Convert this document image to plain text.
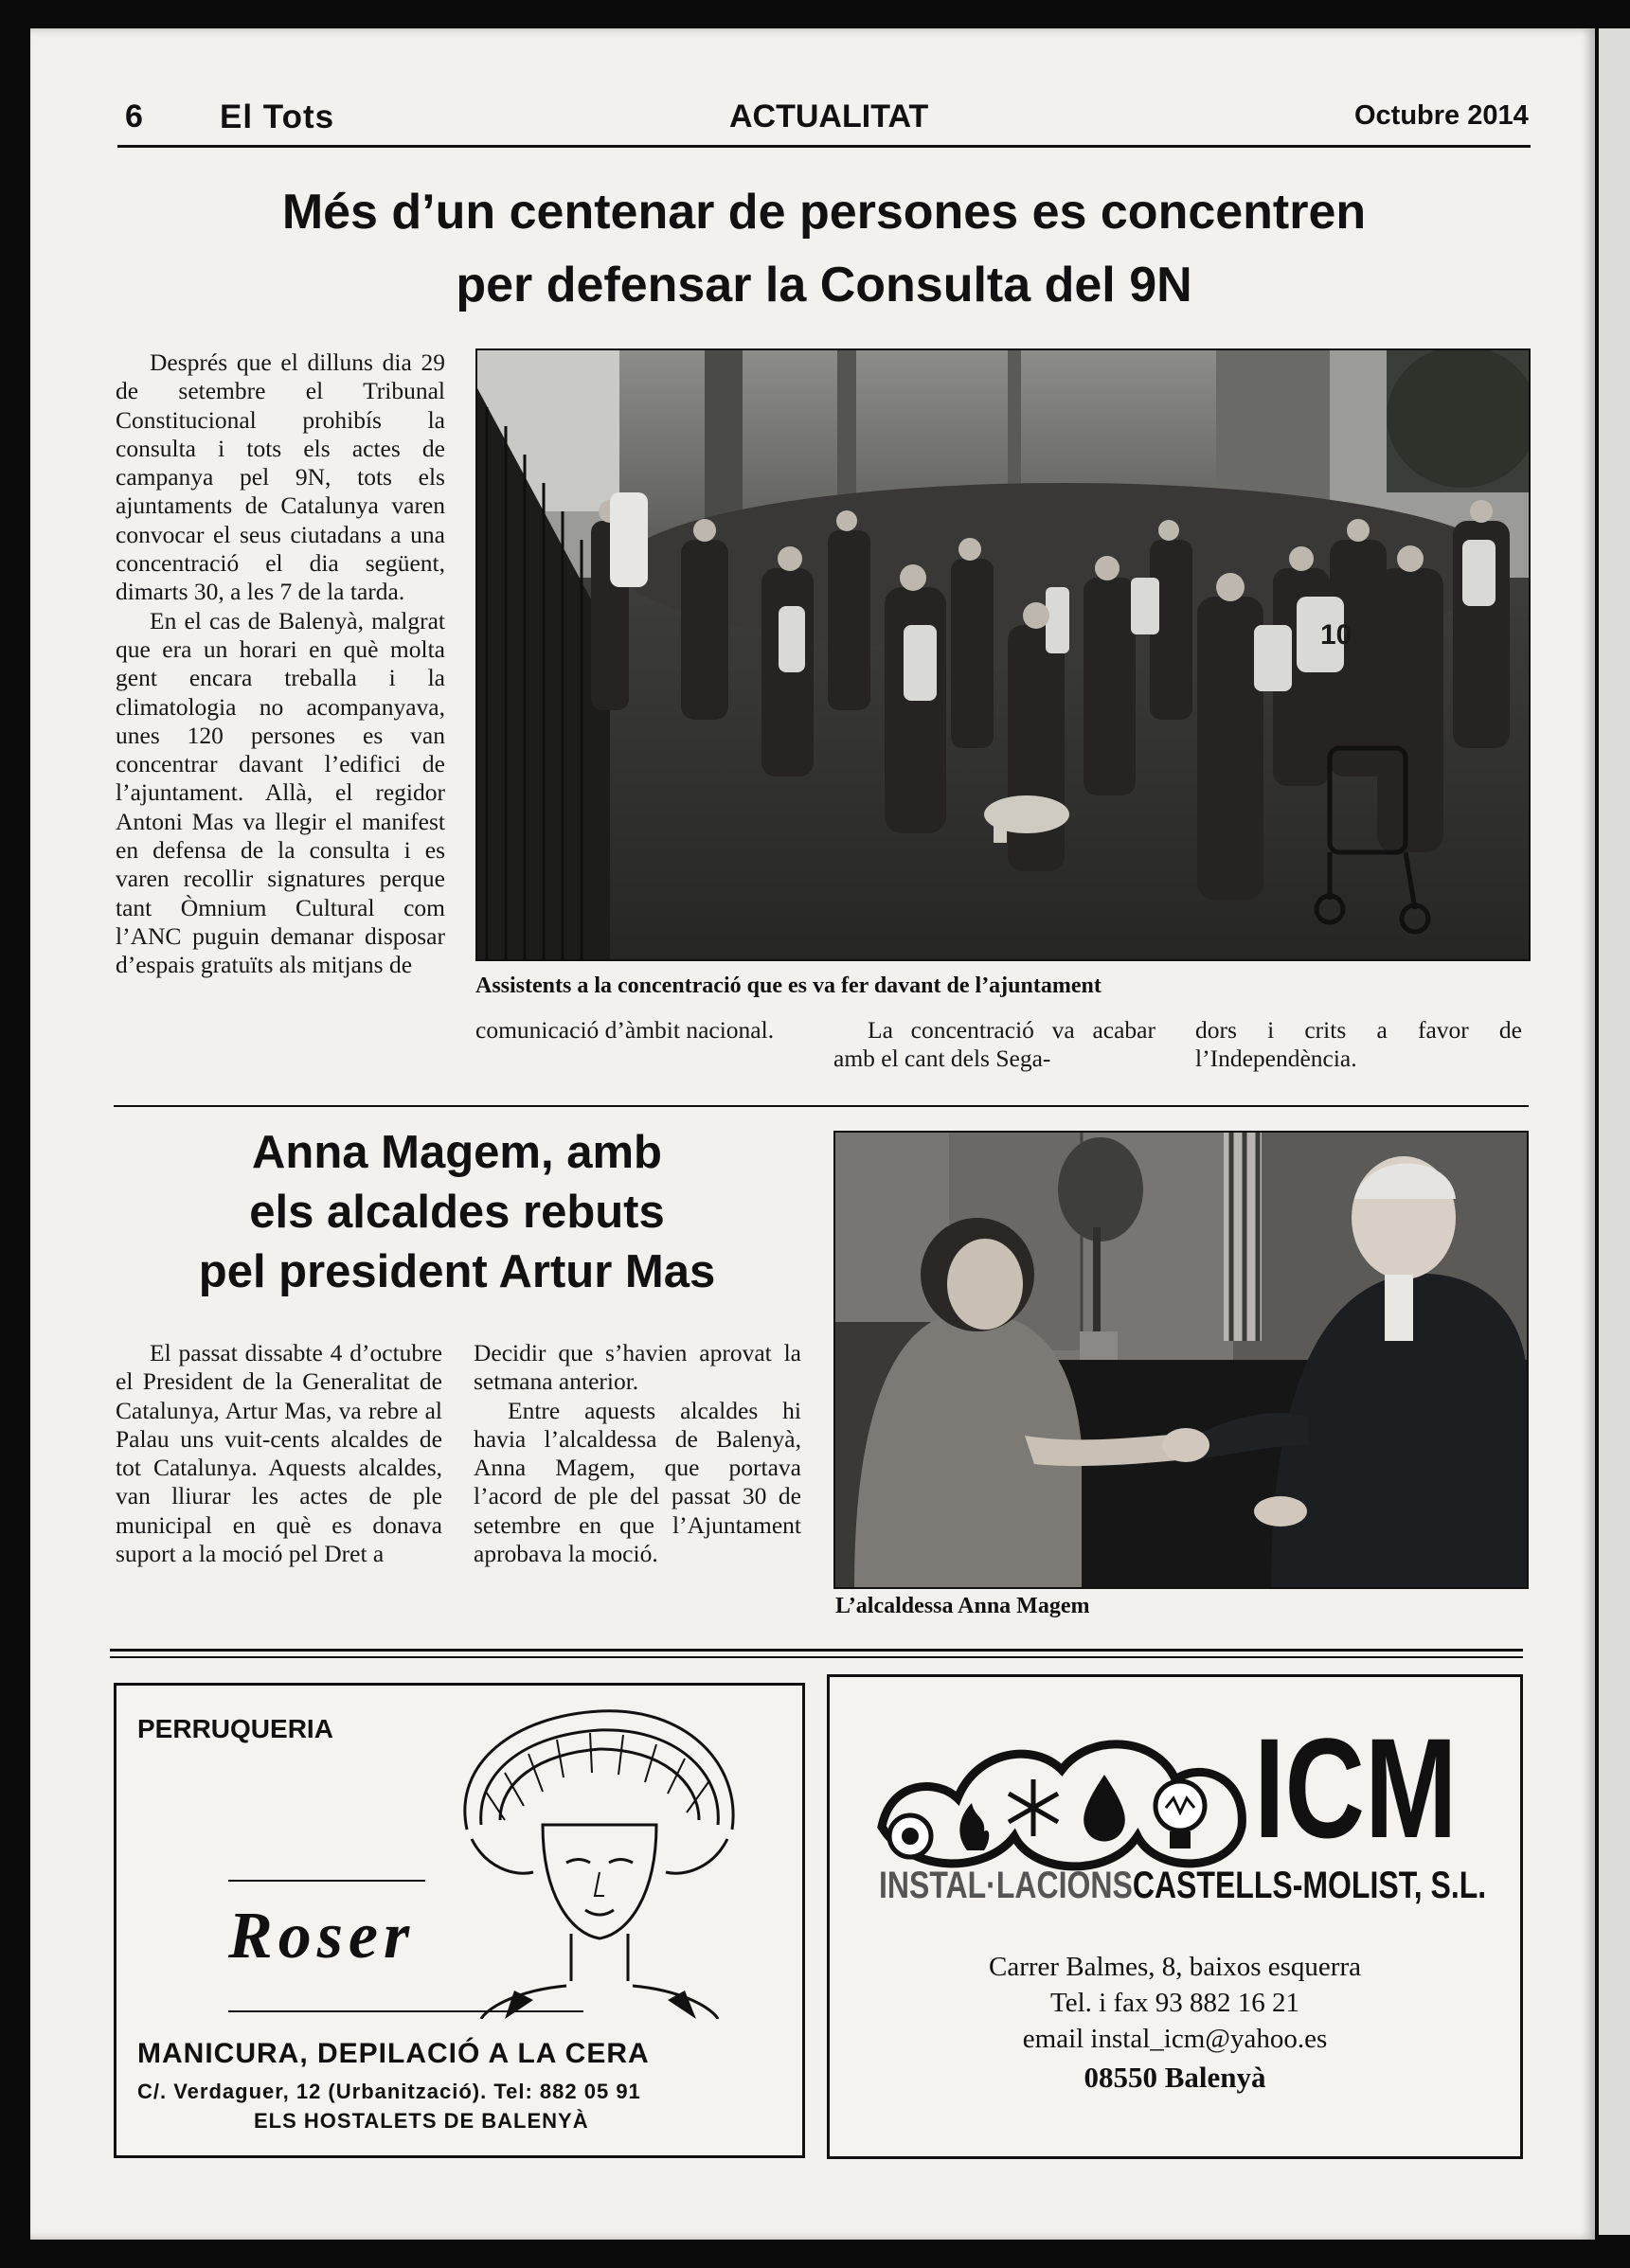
6 El Tots	ACTUALITAT	Octubre 2014
Més d’un centenar de persones es concentren
per defensar la Consulta del 9N

Després que el dilluns dia 29 de setembre el Tribunal Constitucional prohibís la consulta i tots els actes de campanya pel 9N, tots els ajuntaments de Catalunya varen convocar el seus ciutadans a una concentració el dia següent, dimarts 30, a les 7 de la tarda.

En el cas de Balenyà, malgrat que era un horari en què molta gent encara treballa i la climatologia no acompanyava, unes 120 persones es van concentrar davant l’edifici de l’ajuntament. Allà, el regidor Antoni Mas va llegir el manifest en defensa de la consulta i es varen recollir signatures perque tant Òmnium Cultural com l’ANC puguin demanar disposar d’espais gratuïts als mitjans de

10
Assistents a la concentració que es va fer davant de l’ajuntament

comunicació d’àmbit nacional.	La concentració va acabar amb el cant dels Sega-

dors i crits a favor de l’Independència.

Anna Magem, amb
els alcaldes rebuts
pel president Artur Mas

El passat dissabte 4 d’octubre el President de la Generalitat de Catalunya, Artur Mas, va rebre al Palau uns vuit-cents alcaldes de tot Catalunya. Aquests alcaldes, van lliurar les actes de ple municipal en què es donava suport a la moció pel Dret a

Decidir que s’havien aprovat la setmana anterior.

Entre aquests alcaldes hi havia l’alcaldessa de Balenyà, Anna Magem, que portava l’acord de ple del passat 30 de setembre en que l’Ajuntament aprobava la moció.

L’alcaldessa Anna Magem
PERRUQUERIA
Roser
MANICURA, DEPILACIÓ A LA CERA
C/. Verdaguer, 12 (Urbanització). Tel: 882 05 91
ELS HOSTALETS DE BALENYÀ
ICM
INSTAL·LACIONSCASTELLS-MOLIST, S.L.
Carrer Balmes, 8, baixos esquerra
Tel. i fax 93 882 16 21
email instal_icm@yahoo.es
08550 Balenyà
